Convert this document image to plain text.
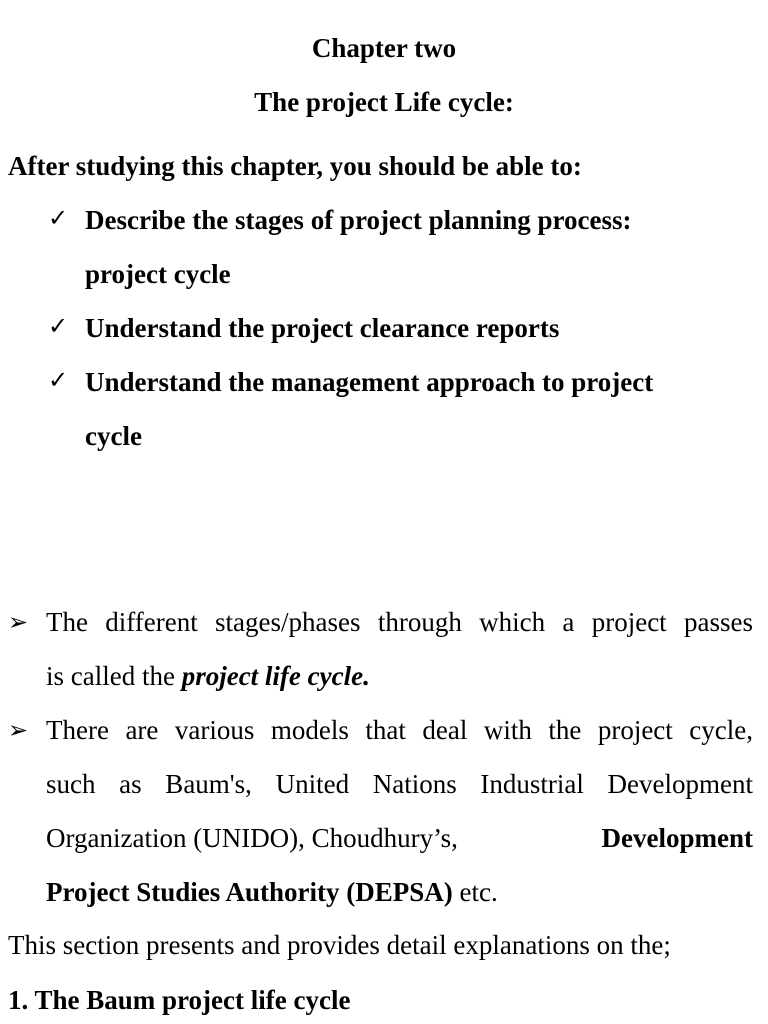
Chapter two

The project Life cycle:

After studying this chapter, you should be able to:

✓ Describe the stages of project planning process:

project cycle

✓ Understand the project clearance reports

✓ Understand the management approach to project

cycle

➢ The different stages/phases through which a project passes

is called the project life cycle.

➢ There are various models that deal with the project cycle,

such as Baum's, United Nations Industrial Development

Organization (UNIDO), Choudhury’s,	Development

Project Studies Authority (DEPSA) etc.

This section presents and provides detail explanations on the;

1. The Baum project life cycle
